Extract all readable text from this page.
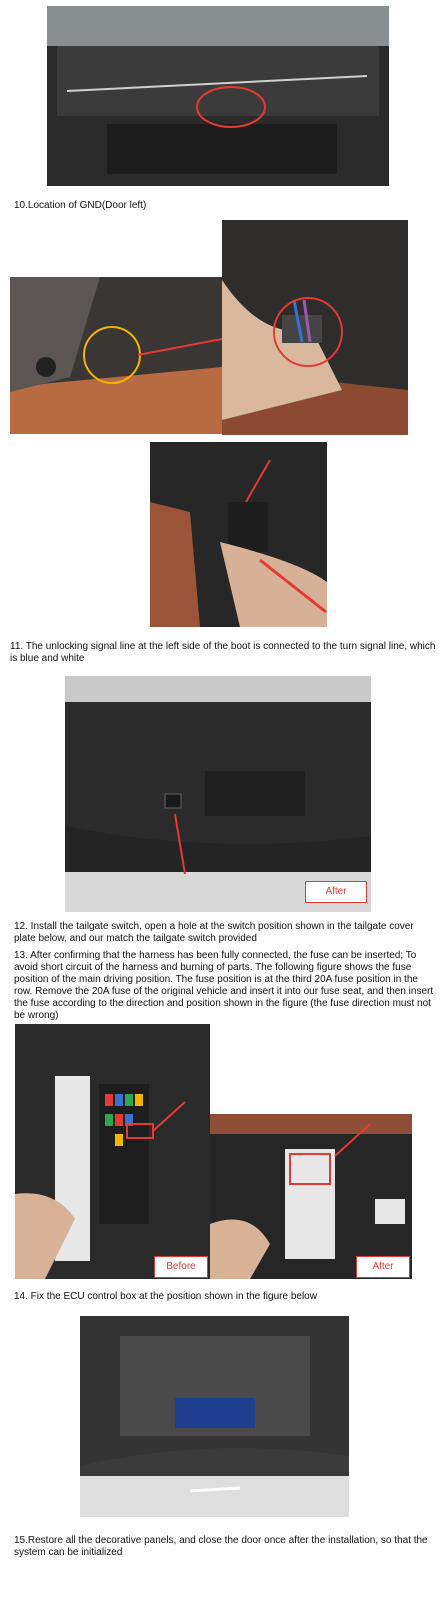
10.Location of GND(Door left)
11. The unlocking signal line at the left side of the boot is connected to the turn signal line, which is blue and white
After
12. Install the tailgate switch, open a hole at the switch position shown in the tailgate cover plate below, and our match the tailgate switch provided
13. After confirming that the harness has been fully connected, the fuse can be inserted; To avoid short circuit of the harness and burning of parts. The following figure shows the fuse position of the main driving position. The fuse position is at the third 20A fuse position in the row. Remove the 20A fuse of the original vehicle and insert it into our fuse seat, and then insert the fuse according to the direction and position shown in the figure (the fuse direction must not be wrong)
Before	After
14. Fix the ECU control box at the position shown in the figure below
15.Restore all the decorative panels, and close the door once after the installation, so that the system can be initialized
